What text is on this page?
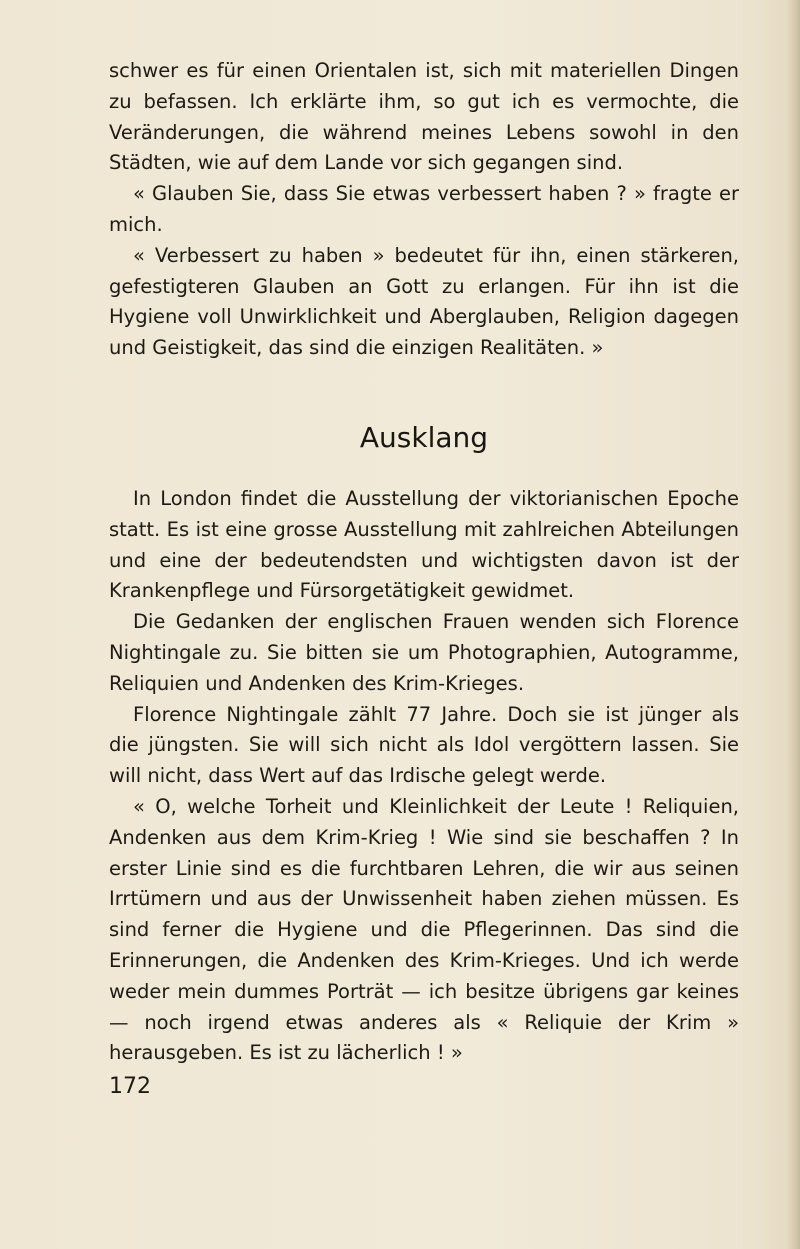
schwer es für einen Orientalen ist, sich mit materiellen Dingen zu befassen. Ich erklärte ihm, so gut ich es vermochte, die Veränderungen, die während meines Lebens sowohl in den Städten, wie auf dem Lande vor sich gegangen sind.

« Glauben Sie, dass Sie etwas verbessert haben ? » fragte er mich.

« Verbessert zu haben » bedeutet für ihn, einen stärkeren, gefestigteren Glauben an Gott zu erlangen. Für ihn ist die Hygiene voll Unwirklichkeit und Aberglauben, Religion dagegen und Geistigkeit, das sind die einzigen Realitäten. »

Ausklang

In London findet die Ausstellung der viktorianischen Epoche statt. Es ist eine grosse Ausstellung mit zahlreichen Abteilungen und eine der bedeutendsten und wichtigsten davon ist der Krankenpflege und Fürsorgetätigkeit gewidmet.

Die Gedanken der englischen Frauen wenden sich Florence Nightingale zu. Sie bitten sie um Photographien, Autogramme, Reliquien und Andenken des Krim-Krieges.

Florence Nightingale zählt 77 Jahre. Doch sie ist jünger als die jüngsten. Sie will sich nicht als Idol vergöttern lassen. Sie will nicht, dass Wert auf das Irdische gelegt werde.

« O, welche Torheit und Kleinlichkeit der Leute ! Reliquien, Andenken aus dem Krim-Krieg ! Wie sind sie beschaffen ? In erster Linie sind es die furchtbaren Lehren, die wir aus seinen Irrtümern und aus der Unwissenheit haben ziehen müssen. Es sind ferner die Hygiene und die Pflegerinnen. Das sind die Erinnerungen, die Andenken des Krim-Krieges. Und ich werde weder mein dummes Porträt — ich besitze übrigens gar keines — noch irgend etwas anderes als « Reliquie der Krim » herausgeben. Es ist zu lächerlich ! »

172
